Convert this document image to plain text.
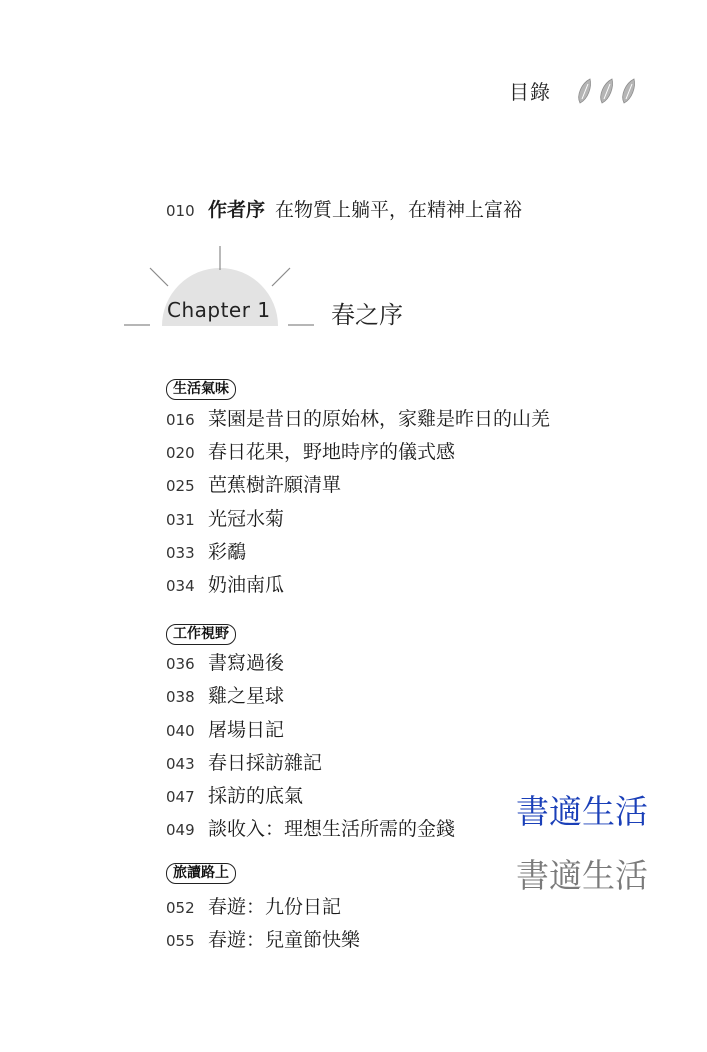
目錄
010 作者序 在物質上躺平，在精神上富裕
Chapter 1	春之序
生活氣味
016 菜園是昔日的原始林，家雞是昨日的山羌
020 春日花果，野地時序的儀式感
025 芭蕉樹許願清單
031 光冠水菊
033 彩鷸
034 奶油南瓜
工作視野
036 書寫過後
038 雞之星球
040 屠場日記
043 春日採訪雜記
047 採訪的底氣
049 談收入：理想生活所需的金錢
旅讀路上
052 春遊：九份日記
055 春遊：兒童節快樂
書適生活
書適生活
